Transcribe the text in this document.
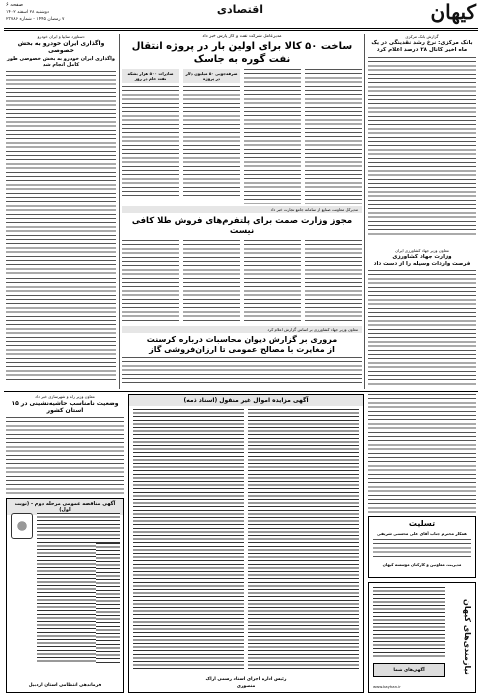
صفحه ۶
دوشنبه ۲۸ اسفند ۱۴۰۲
۷ رمضان ۱۴۴۵ - شماره ۲۳۷۸۶
اقتصادی	کیهان
دستاورد سایپا و ایران خودرو
واگذاری ایران خودرو به بخش خصوصی
واگذاری ایران خودرو به بخش خصوصی طور کامل انجام شد
گزارش بانک مرکزی
بانک مرکزی: نرخ رشد نقدینگی در یک ماه اخیر کانال ۲۸ درصد اعلام کرد
مدیرعامل شرکت نفت و گاز پارس خبر داد
ساخت ۵۰ کالا برای اولین بار در پروژه انتقال نفت گوره به جاسک
صرفه‌جویی ۵۰ میلیون دلار در پروژه
صادرات ۵۰۰ هزار بشکه نفت خام در روز
مدیرکل معاونت صنایع از سامانه جامع تجارت خبر داد
مجوز وزارت صمت برای پلتفرم‌های فروش طلا کافی نیست
معاون وزیر جهاد کشاورزی بر اساس گزارش اعلام کرد
مروری بر گزارش دیوان محاسبات درباره کرسنت
از مغایرت با مصالح عمومی تا ارزان‌فروشی گاز
معاون وزیر جهاد کشاورزی ایران
وزارت جهاد کشاورزی
فرصت واردات وسیله را از دست داد
معاون وزیر راه و شهرسازی خبر داد
وضعیت نامناسب حاشیه‌نشینی در ۱۵ استان کشور
آگهی مناقصه عمومی مرحله دوم - (نوبت اول)
فرماندهی انتظامی استان اردبیل
آگهی مزایده اموال غیر منقول (اسناد ذمه)
رئیس اداره اجرای اسناد رسمی اراک
منصوری
تسلیت
همکار محترم جناب آقای علی محسنی شریفی
مدیریت، معاونین و کارکنان موسسه کیهان
نیازمندی‌های کیهان
آگهی‌های شما
www.kayhan.ir
